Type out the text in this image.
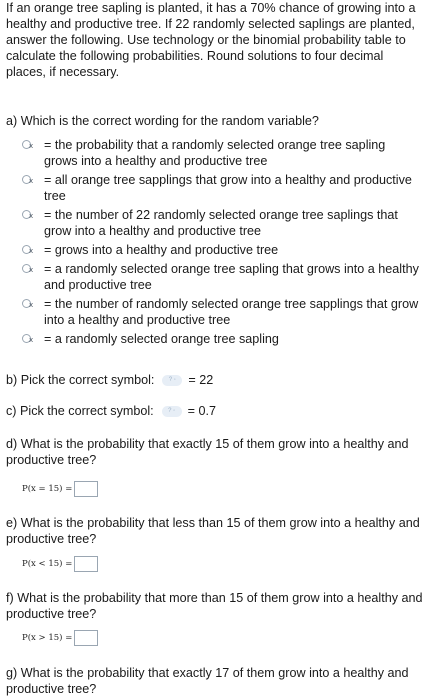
If an orange tree sapling is planted, it has a 70% chance of growing into a healthy and productive tree. If 22 randomly selected saplings are planted, answer the following. Use technology or the binomial probability table to calculate the following probabilities. Round solutions to four decimal places, if necessary.
a) Which is the correct wording for the random variable?
x = the probability that a randomly selected orange tree sapling grows into a healthy and productive tree
x = all orange tree sapplings that grow into a healthy and productive tree
x = the number of 22 randomly selected orange tree saplings that grow into a healthy and productive tree
x = grows into a healthy and productive tree
x = a randomly selected orange tree sapling that grows into a healthy and productive tree
x = the number of randomly selected orange tree sapplings that grow into a healthy and productive tree
x = a randomly selected orange tree sapling
b) Pick the correct symbol: ? ◦ = 22
c) Pick the correct symbol: ? ◦ = 0.7
d) What is the probability that exactly 15 of them grow into a healthy and productive tree?
P(x = 15) =
e) What is the probability that less than 15 of them grow into a healthy and productive tree?
P(x < 15) =
f) What is the probability that more than 15 of them grow into a healthy and productive tree?
P(x > 15) =
g) What is the probability that exactly 17 of them grow into a healthy and productive tree?
